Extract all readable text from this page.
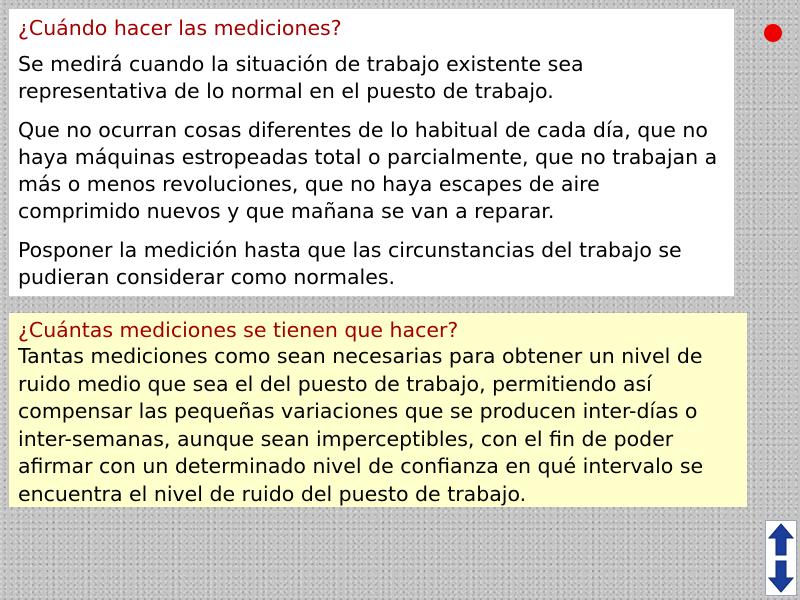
¿Cuándo hacer las mediciones?

Se medirá cuando la situación de trabajo existente sea representativa de lo normal en el puesto de trabajo.

Que no ocurran cosas diferentes de lo habitual de cada día, que no haya máquinas estropeadas total o parcialmente, que no trabajan a más o menos revoluciones, que no haya escapes de aire comprimido nuevos y que mañana se van a reparar.

Posponer la medición hasta que las circunstancias del trabajo se pudieran considerar como normales.

¿Cuántas mediciones se tienen que hacer?

Tantas mediciones como sean necesarias para obtener un nivel de ruido medio que sea el del puesto de trabajo, permitiendo así compensar las pequeñas variaciones que se producen inter-días o inter-semanas, aunque sean imperceptibles, con el fin de poder afirmar con un determinado nivel de confianza en qué intervalo se encuentra el nivel de ruido del puesto de trabajo.
